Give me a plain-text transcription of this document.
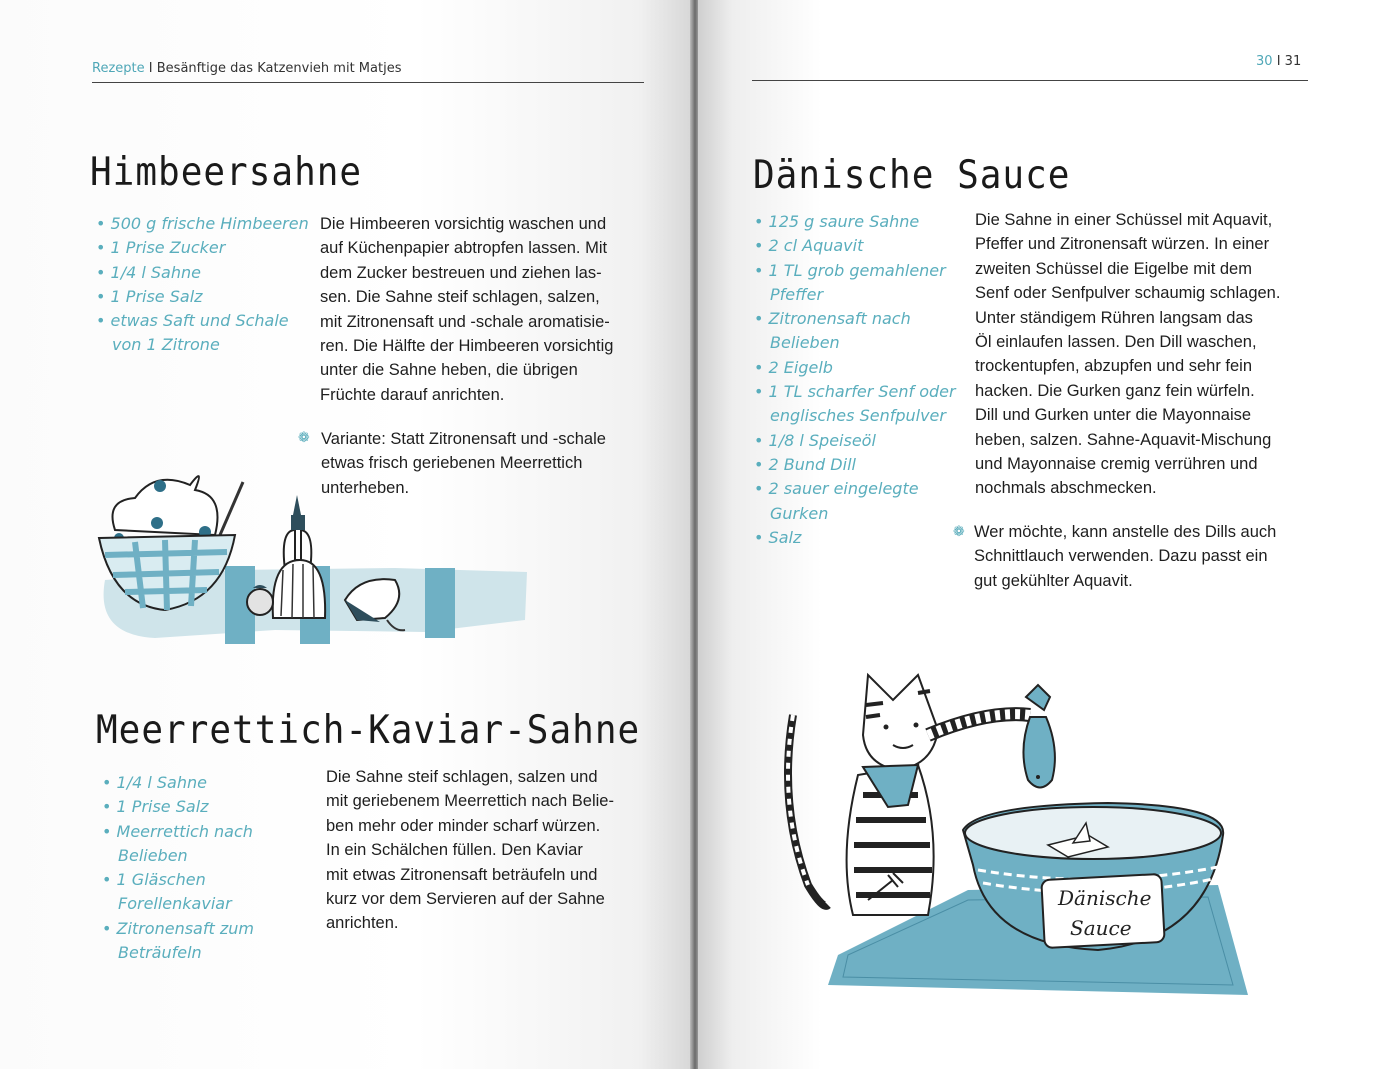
Rezepte I Besänftige das Katzenvieh mit Matjes
Himbeersahne
• 500 g frische Himbeeren
• 1 Prise Zucker
• 1/4 l Sahne
• 1 Prise Salz
• etwas Saft und Schale von 1 Zitrone
Die Himbeeren vorsichtig waschen und
auf Küchenpapier abtropfen lassen. Mit
dem Zucker bestreuen und ziehen las-
sen. Die Sahne steif schlagen, salzen,
mit Zitronensaft und -schale aromatisie-
ren. Die Hälfte der Himbeeren vorsichtig
unter die Sahne heben, die übrigen
Früchte darauf anrichten.
❁ Variante: Statt Zitronensaft und -schale
etwas frisch geriebenen Meerrettich
unterheben.
Meerrettich-Kaviar-Sahne
• 1/4 l Sahne
• 1 Prise Salz
• Meerrettich nach Belieben
• 1 Gläschen Forellenkaviar
• Zitronensaft zum Beträufeln
Die Sahne steif schlagen, salzen und
mit geriebenem Meerrettich nach Belie-
ben mehr oder minder scharf würzen.
In ein Schälchen füllen. Den Kaviar
mit etwas Zitronensaft beträufeln und
kurz vor dem Servieren auf der Sahne
anrichten.
30 I 31
Dänische Sauce
• 125 g saure Sahne
• 2 cl Aquavit
• 1 TL grob gemahlener Pfeffer
• Zitronensaft nach Belieben
• 2 Eigelb
• 1 TL scharfer Senf oder englisches Senfpulver
• 1/8 l Speiseöl
• 2 Bund Dill
• 2 sauer eingelegte Gurken
• Salz
Die Sahne in einer Schüssel mit Aquavit,
Pfeffer und Zitronensaft würzen. In einer
zweiten Schüssel die Eigelbe mit dem
Senf oder Senfpulver schaumig schlagen.
Unter ständigem Rühren langsam das
Öl einlaufen lassen. Den Dill waschen,
trockentupfen, abzupfen und sehr fein
hacken. Die Gurken ganz fein würfeln.
Dill und Gurken unter die Mayonnaise
heben, salzen. Sahne-Aquavit-Mischung
und Mayonnaise cremig verrühren und
nochmals abschmecken.
❁ Wer möchte, kann anstelle des Dills auch
Schnittlauch verwenden. Dazu passt ein
gut gekühlter Aquavit.
Dänische
Sauce
